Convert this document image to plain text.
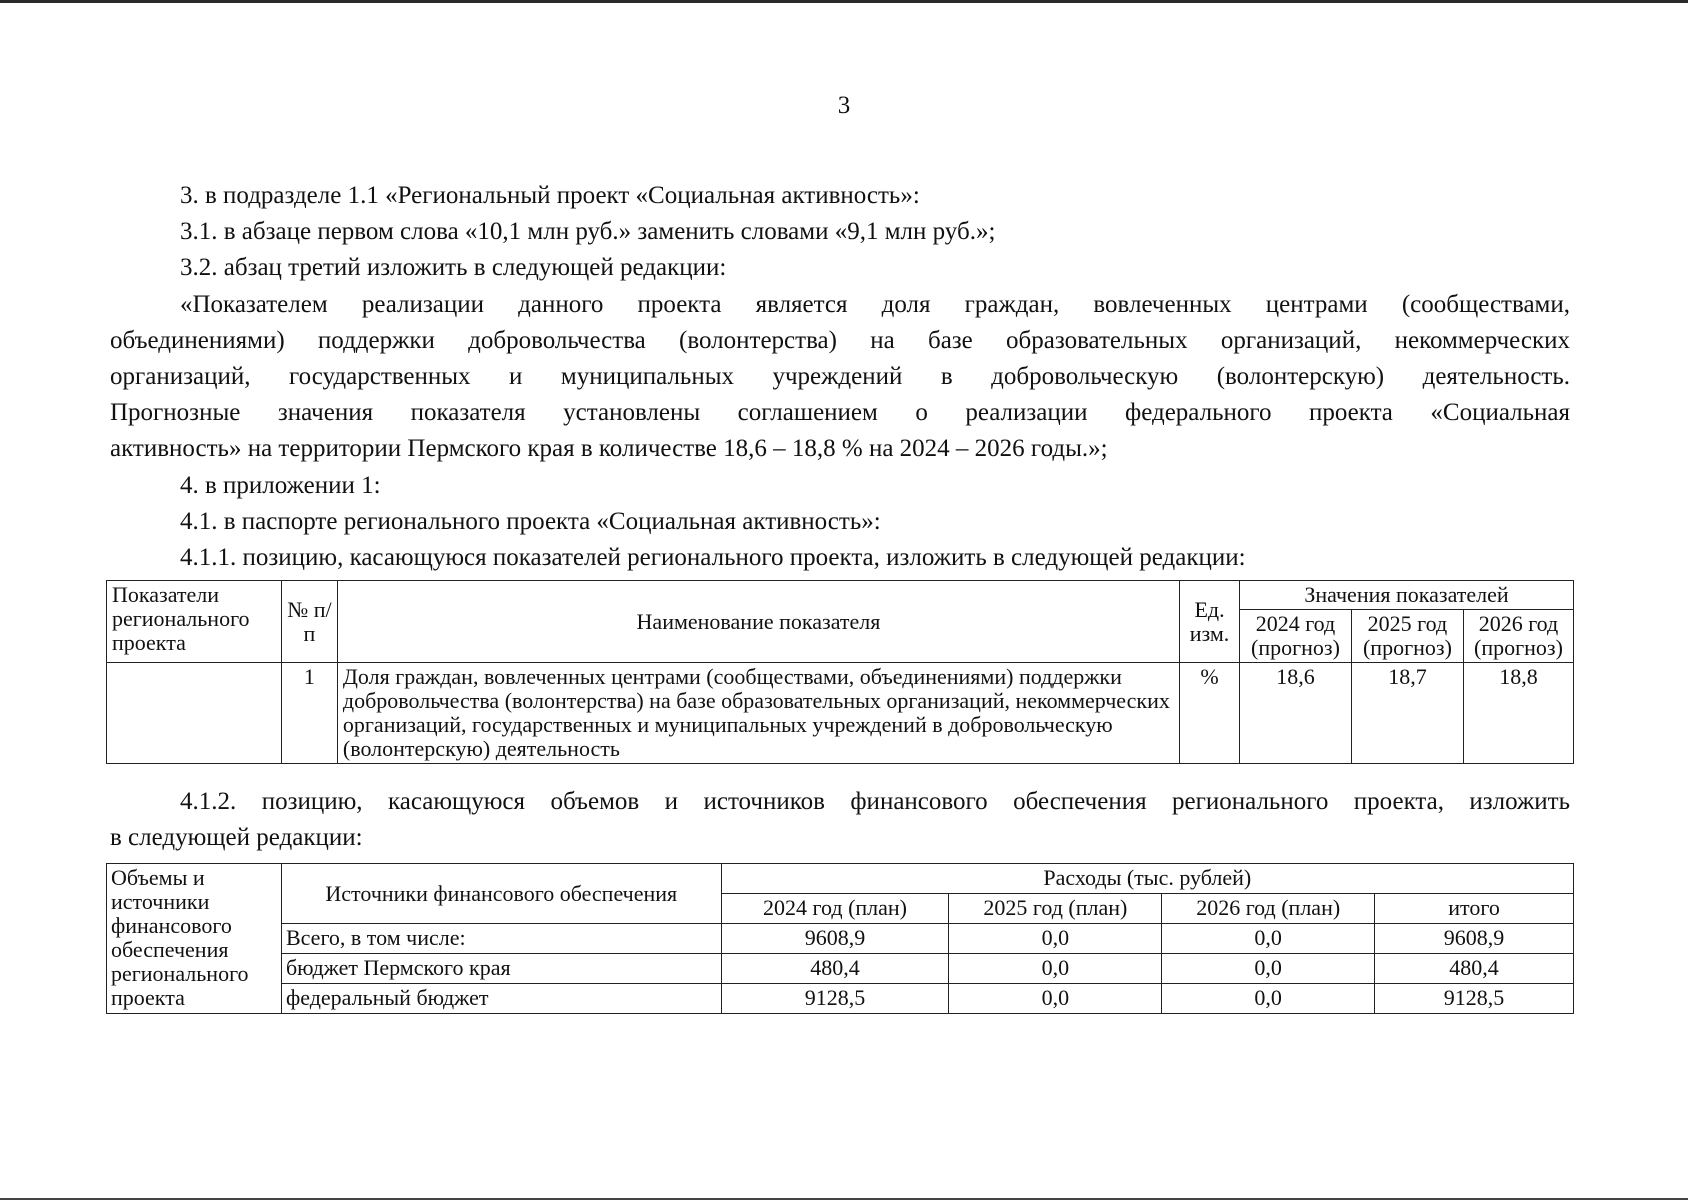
3
3. в подразделе 1.1 «Региональный проект «Социальная активность»:
3.1. в абзаце первом слова «10,1 млн руб.» заменить словами «9,1 млн руб.»;
3.2. абзац третий изложить в следующей редакции:
«Показателем реализации данного проекта является доля граждан, вовлеченных центрами (сообществами,
объединениями) поддержки добровольчества (волонтерства) на базе образовательных организаций, некоммерческих
организаций, государственных и муниципальных учреждений в добровольческую (волонтерскую) деятельность.
Прогнозные значения показателя установлены соглашением о реализации федерального проекта «Социальная
активность» на территории Пермского края в количестве 18,6 – 18,8 % на 2024 – 2026 годы.»;
4. в приложении 1:
4.1. в паспорте регионального проекта «Социальная активность»:
4.1.1. позицию, касающуюся показателей регионального проекта, изложить в следующей редакции:
Показатели регионального проекта	№ п/п	Наименование показателя	Ед. изм.	Значения показателей		
				2024 год (прогноз)	2025 год (прогноз)	2026 год (прогноз)
	1	Доля граждан, вовлеченных центрами (сообществами, объединениями) поддержки добровольчества (волонтерства) на базе образовательных организаций, некоммерческих организаций, государственных и муниципальных учреждений в добровольческую (волонтерскую) деятельность	%	18,6	18,7	18,8
4.1.2. позицию, касающуюся объемов и источников финансового обеспечения регионального проекта, изложить
в следующей редакции:
Объемы и источники финансового обеспечения регионального проекта	Источники финансового обеспечения	Расходы (тыс. рублей)			
		2024 год (план)	2025 год (план)	2026 год (план)	итого
	Всего, в том числе:	9608,9	0,0	0,0	9608,9
	бюджет Пермского края	480,4	0,0	0,0	480,4
	федеральный бюджет	9128,5	0,0	0,0	9128,5
